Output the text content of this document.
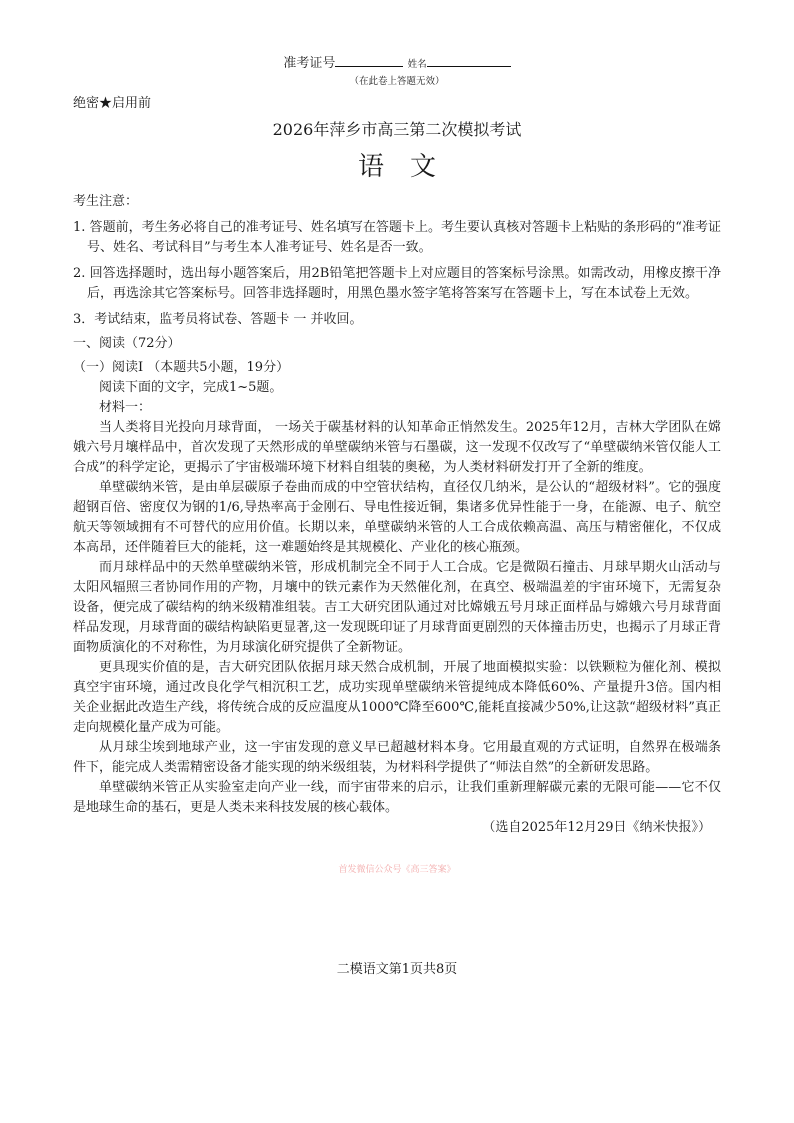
准考证号	姓名
（在此卷上答题无效）
绝密★启用前
2026年萍乡市高三第二次模拟考试
语文

考生注意：

1. 答题前，考生务必将自己的准考证号、姓名填写在答题卡上。考生要认真核对答题卡上粘贴的条形码的“准考证号、姓名、考试科目”与考生本人准考证号、姓名是否一致。

2. 回答选择题时，选出每小题答案后，用2B铅笔把答题卡上对应题目的答案标号涂黑。如需改动，用橡皮擦干净后，再选涂其它答案标号。回答非选择题时，用黑色墨水签字笔将答案写在答题卡上，写在本试卷上无效。

3．考试结束，监考员将试卷、答题卡 一 并收回。

一、阅读（72分）

（一）阅读Ⅰ （本题共5小题，19分）

阅读下面的文字，完成1~5题。

材料一：

当人类将目光投向月球背面， 一场关于碳基材料的认知革命正悄然发生。2025年12月，吉林大学团队在嫦娥六号月壤样品中，首次发现了天然形成的单壁碳纳米管与石墨碳，这一发现不仅改写了“单壁碳纳米管仅能人工合成”的科学定论，更揭示了宇宙极端环境下材料自组装的奥秘，为人类材料研发打开了全新的维度。

单壁碳纳米管，是由单层碳原子卷曲而成的中空管状结构，直径仅几纳米，是公认的“超级材料”。它的强度超钢百倍、密度仅为钢的1/6,导热率高于金刚石、导电性接近铜，集诸多优异性能于一身，在能源、电子、航空航天等领域拥有不可替代的应用价值。长期以来，单壁碳纳米管的人工合成依赖高温、高压与精密催化，不仅成本高昂，还伴随着巨大的能耗，这一难题始终是其规模化、产业化的核心瓶颈。

而月球样品中的天然单壁碳纳米管，形成机制完全不同于人工合成。它是微陨石撞击、月球早期火山活动与太阳风辐照三者协同作用的产物，月壤中的铁元素作为天然催化剂，在真空、极端温差的宇宙环境下，无需复杂设备，便完成了碳结构的纳米级精准组装。吉工大研究团队通过对比嫦娥五号月球正面样品与嫦娥六号月球背面样品发现，月球背面的碳结构缺陷更显著,这一发现既印证了月球背面更剧烈的天体撞击历史，也揭示了月球正背面物质演化的不对称性，为月球演化研究提供了全新物证。

更具现实价值的是，吉大研究团队依据月球天然合成机制，开展了地面模拟实验：以铁颗粒为催化剂、模拟真空宇宙环境，通过改良化学气相沉积工艺，成功实现单壁碳纳米管提纯成本降低60%、产量提升3倍。国内相关企业据此改造生产线，将传统合成的反应温度从1000℃降至600℃,能耗直接减少50%,让这款“超级材料”真正走向规模化量产成为可能。

从月球尘埃到地球产业，这一宇宙发现的意义早已超越材料本身。它用最直观的方式证明，自然界在极端条件下，能完成人类需精密设备才能实现的纳米级组装，为材料科学提供了“师法自然”的全新研发思路。

单壁碳纳米管正从实验室走向产业一线，而宇宙带来的启示，让我们重新理解碳元素的无限可能——它不仅是地球生命的基石，更是人类未来科技发展的核心载体。

（选自2025年12月29日《纳米快报》）

首发微信公众号《高三答案》
二模语文第1页共8页
